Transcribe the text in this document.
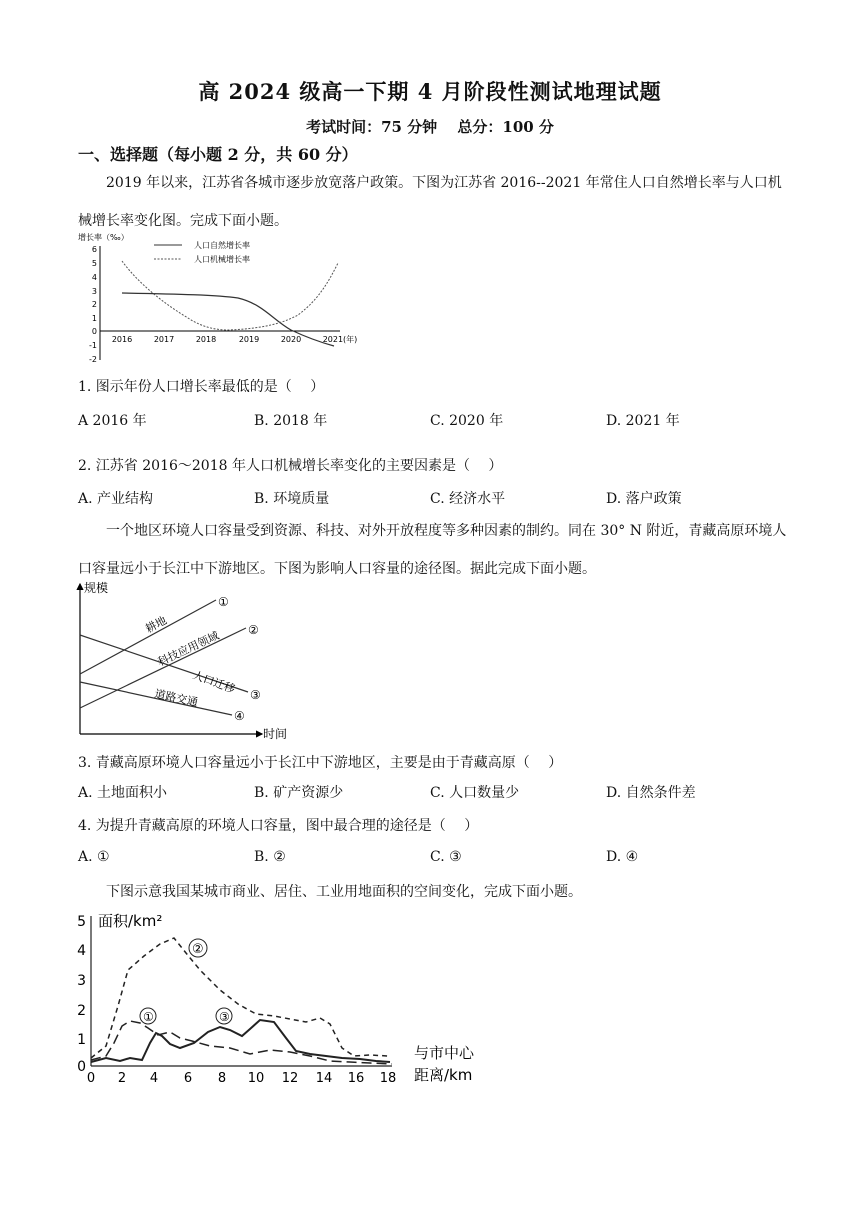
高 2024 级高一下期 4 月阶段性测试地理试题
考试时间：75 分钟　 总分：100 分
一、选择题（每小题 2 分，共 60 分）
2019 年以来，江苏省各城市逐步放宽落户政策。下图为江苏省 2016--2021 年常住人口自然增长率与人口机械增长率变化图。完成下面小题。
增长率（‰）
6
5
4
3
2
1
0
-1
-2
2016	2017	2018	2019	2020	2021(年)
人口自然增长率
人口机械增长率
1. 图示年份人口增长率最低的是（　 ）
A 2016 年	B. 2018 年	C. 2020 年	D. 2021 年
2. 江苏省 2016～2018 年人口机械增长率变化的主要因素是（　 ）
A. 产业结构	B. 环境质量	C. 经济水平	D. 落户政策
一个地区环境人口容量受到资源、科技、对外开放程度等多种因素的制约。同在 30° N 附近，青藏高原环境人口容量远小于长江中下游地区。下图为影响人口容量的途径图。据此完成下面小题。
规模
时间
耕地
科技应用领域
人口迁移
道路交通
①
②
③
④
3. 青藏高原环境人口容量远小于长江中下游地区，主要是由于青藏高原（　 ）
A. 土地面积小	B. 矿产资源少	C. 人口数量少	D. 自然条件差
4. 为提升青藏高原的环境人口容量，图中最合理的途径是（　 ）
A. ①	B. ②	C. ③	D. ④
下图示意我国某城市商业、居住、工业用地面积的空间变化，完成下面小题。
5
4
3
2
1
0
面积/km²
0 2 4 6 8 10 12 14 16 18
与市中心
距离/km
①
②
③
